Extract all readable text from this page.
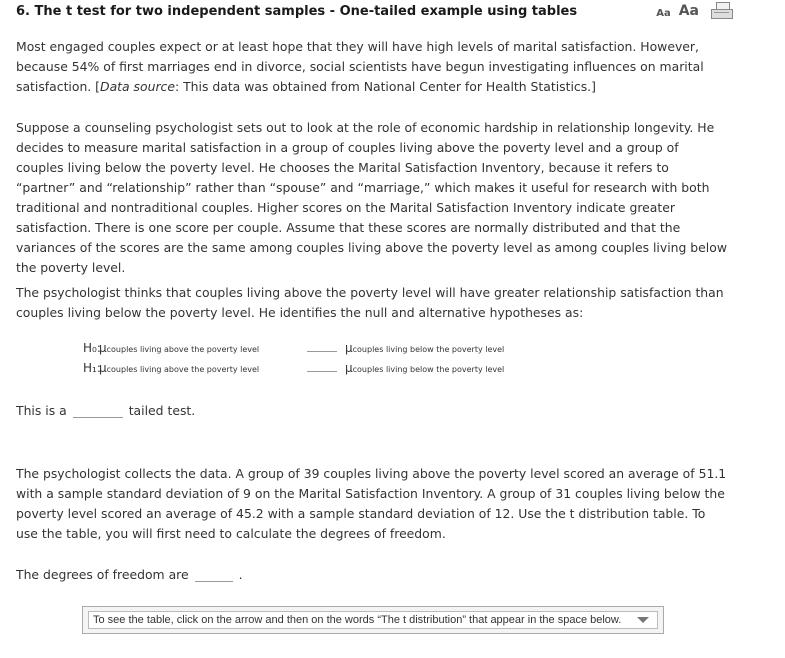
6. The t test for two independent samples - One-tailed example using tables	Aa Aa

Most engaged couples expect or at least hope that they will have high levels of marital satisfaction. However, because 54% of first marriages end in divorce, social scientists have begun investigating influences on marital satisfaction. [Data source: This data was obtained from National Center for Health Statistics.]

Suppose a counseling psychologist sets out to look at the role of economic hardship in relationship longevity. He decides to measure marital satisfaction in a group of couples living above the poverty level and a group of couples living below the poverty level. He chooses the Marital Satisfaction Inventory, because it refers to “partner” and “relationship” rather than “spouse” and “marriage,” which makes it useful for research with both traditional and nontraditional couples. Higher scores on the Marital Satisfaction Inventory indicate greater satisfaction. There is one score per couple. Assume that these scores are normally distributed and that the variances of the scores are the same among couples living above the poverty level as among couples living below the poverty level.

The psychologist thinks that couples living above the poverty level will have greater relationship satisfaction than couples living below the poverty level. He identifies the null and alternative hypotheses as:

H₀:
μcouples living above the poverty level	μcouples living below the poverty level
H₁:
μcouples living above the poverty level	μcouples living below the poverty level
This is a	tailed test.

The psychologist collects the data. A group of 39 couples living above the poverty level scored an average of 51.1 with a sample standard deviation of 9 on the Marital Satisfaction Inventory. A group of 31 couples living below the poverty level scored an average of 45.2 with a sample standard deviation of 12. Use the t distribution table. To use the table, you will first need to calculate the degrees of freedom.

The degrees of freedom are	.
To see the table, click on the arrow and then on the words “The t distribution” that appear in the space below.
